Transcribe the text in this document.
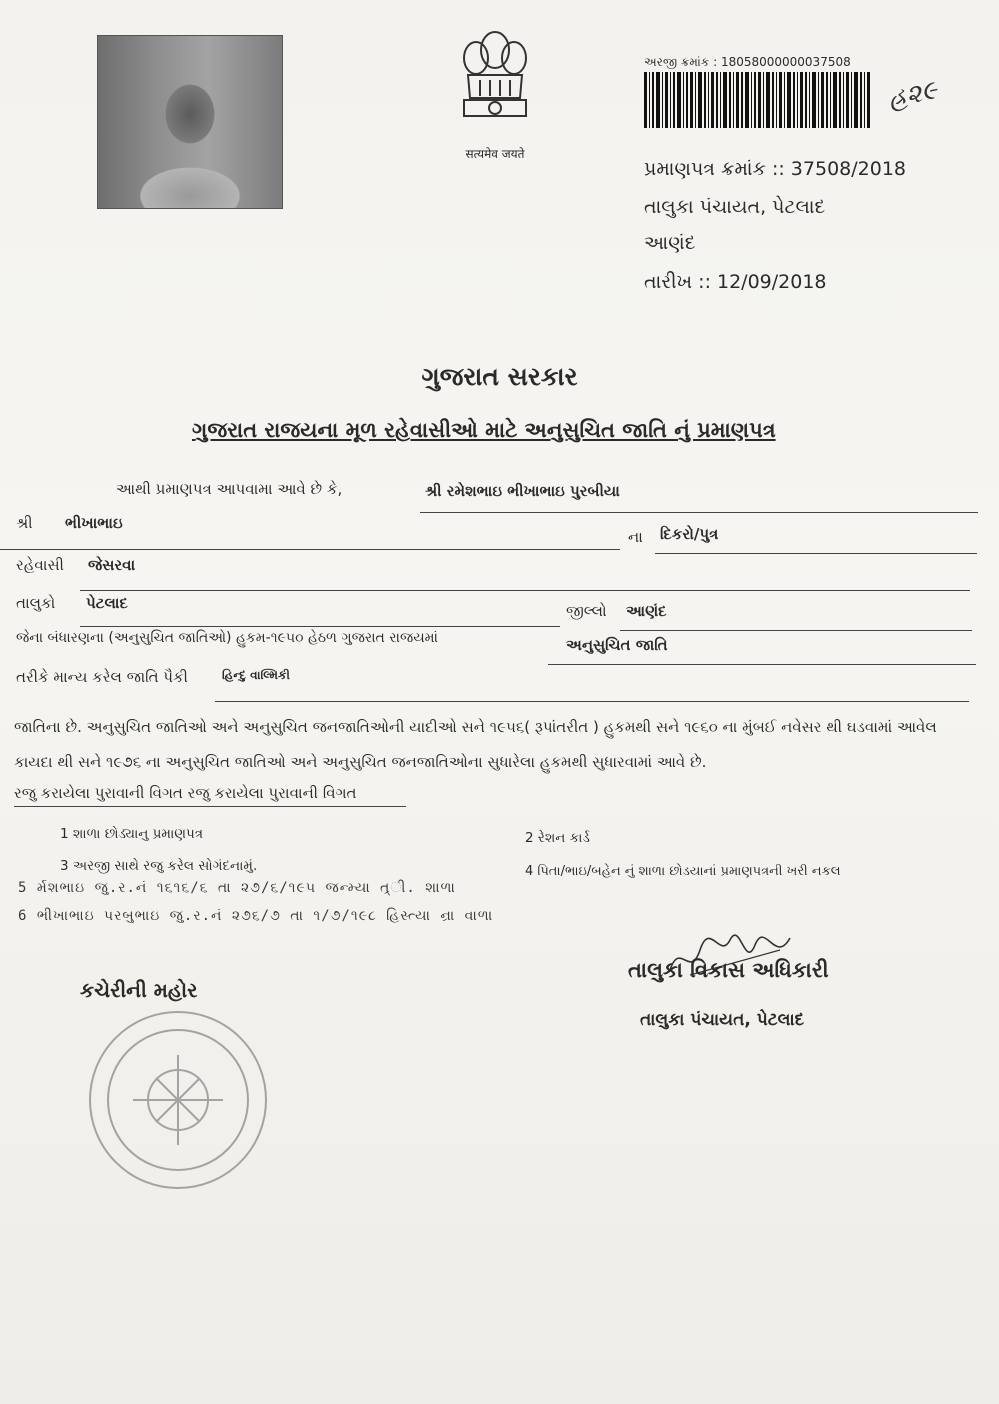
सत्यमेव जयते
અરજી ક્રમાંક : 18058000000037508
હ્ર૨૯
પ્રમાણપત્ર ક્રમાંક :: 37508/2018
તાલુકા પંચાયત, પેટલાદ
આણંદ
તારીખ :: 12/09/2018
ગુજરાત સરકાર
ગુજરાત રાજયના મૂળ રહેવાસીઓ માટે અનુસુચિત જાતિ નું પ્રમાણપત્ર
આથી પ્રમાણપત્ર આપવામા આવે છે કે,	શ્રી રમેશભાઇ ભીખાભાઇ પુરબીયા
શ્રી ભીખાભાઇ
ના દિકરો/પુત્ર
રહેવાસી જેસરવા
તાલુકો પેટલાદ	જીલ્લો આણંદ
જેના બંધારણના (અનુસુચિત જાતિઓ) હુકમ-૧૯૫૦ હેઠળ ગુજરાત રાજયમાં	અનુસુચિત જાતિ
તરીકે માન્ય કરેલ જાતિ પૈકી	હિન્દુ વાલ્મિકી
જાતિના છે. અનુસુચિત જાતિઓ અને અનુસુચિત જનજાતિઓની યાદીઓ સને ૧૯૫૬( રૂપાંતરીત ) હુકમથી સને ૧૯૬૦ ના મુંબઈ નવેસર થી ઘડવામાં આવેલ કાયદા થી સને ૧૯૭૬ ના અનુસુચિત જાતિઓ અને અનુસુચિત જનજાતિઓના સુધારેલા હુકમથી સુધારવામાં આવે છે.
રજુ કરાયેલા પુરાવાની વિગત રજુ કરાયેલા પુરાવાની વિગત
1 શાળા છોડ્યાનુ પ્રમાણપત્ર	2 રેશન કાર્ડ
3 અરજી સાથે રજુ કરેલ સોગંદનામું.	4 પિતા/ભાઇ/બહેન નું શાળા છોડયાનાં પ્રમાણપત્રની ખરી નકલ
5 ર્મશભાઇ જુ.ર.નં ૧૬૧૬/૬ તા ૨૭/૬/૧૯૫ જન્મ્યા ત્ર્ી. શાળા
6 ભીખાભાઇ પરબુભાઇ જુ.ર.નં ૨૭૬/૭ તા ૧/૭/૧૯૮ હિસ્ત્યા ન્રા વાળા
તાલુકા વિકાસ અધિકારી
તાલુકા પંચાયત, પેટલાદ
કચેરીની મહોર
